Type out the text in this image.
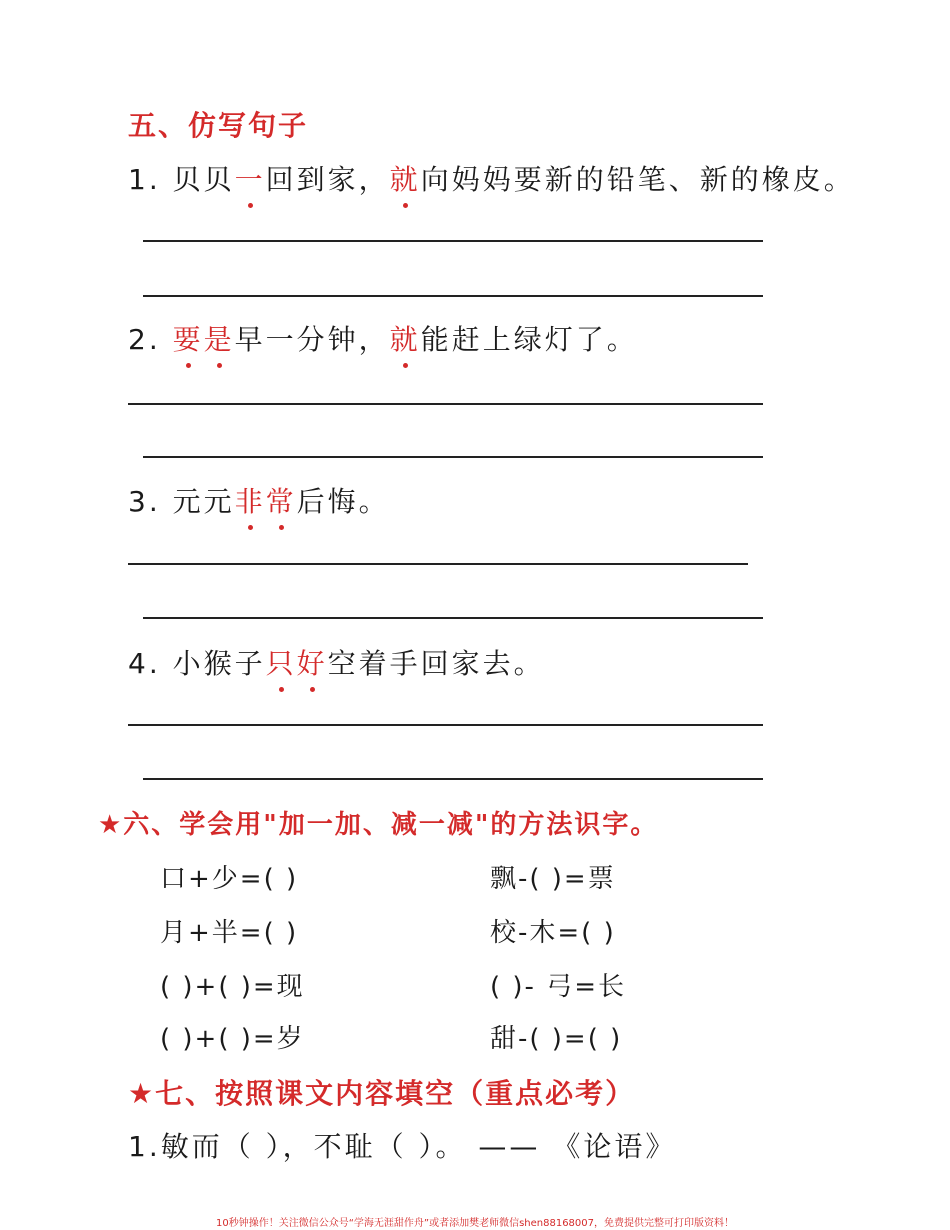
五、仿写句子
1. 贝贝一回到家，就向妈妈要新的铅笔、新的橡皮。
2. 要是早一分钟，就能赶上绿灯了。
3. 元元非常后悔。
4. 小猴子只好空着手回家去。
★六、学会用"加一加、减一减"的方法识字。
口+少=( )	飘-( )=票
月+半=( )	校-木=( )
( )+( )=现	( )- 弓=长
( )+( )=岁	甜-( )=( )
★七、按照课文内容填空（重点必考）
1.敏而（ ），不耻（ ）。 —— 《论语》
10秒钟操作！关注微信公众号“学海无涯甜作舟”或者添加樊老师微信shen88168007，免费提供完整可打印版资料！
